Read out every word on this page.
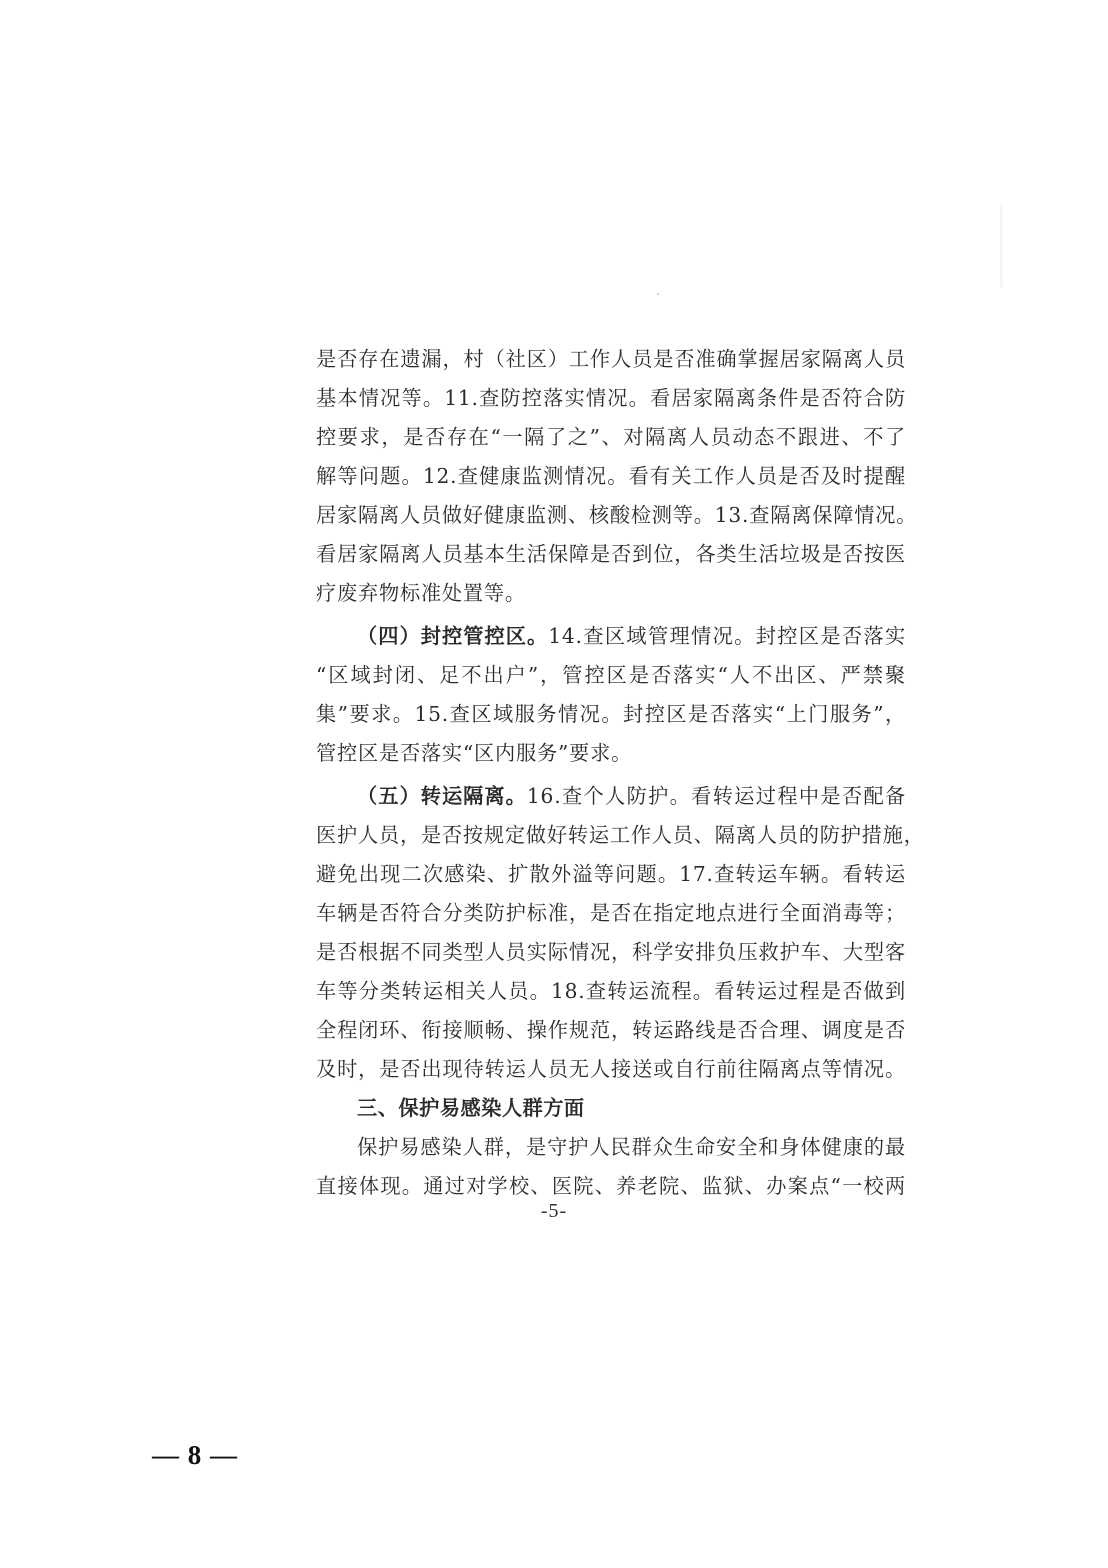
是否存在遗漏，村（社区）工作人员是否准确掌握居家隔离人员
基本情况等。11.查防控落实情况。看居家隔离条件是否符合防
控要求，是否存在“一隔了之”、对隔离人员动态不跟进、不了
解等问题。12.查健康监测情况。看有关工作人员是否及时提醒
居家隔离人员做好健康监测、核酸检测等。13.查隔离保障情况。
看居家隔离人员基本生活保障是否到位，各类生活垃圾是否按医
疗废弃物标准处置等。
（四）封控管控区。14.查区域管理情况。封控区是否落实
“区域封闭、足不出户”，管控区是否落实“人不出区、严禁聚
集”要求。15.查区域服务情况。封控区是否落实“上门服务”，
管控区是否落实“区内服务”要求。
（五）转运隔离。16.查个人防护。看转运过程中是否配备
医护人员，是否按规定做好转运工作人员、隔离人员的防护措施，
避免出现二次感染、扩散外溢等问题。17.查转运车辆。看转运
车辆是否符合分类防护标准，是否在指定地点进行全面消毒等；
是否根据不同类型人员实际情况，科学安排负压救护车、大型客
车等分类转运相关人员。18.查转运流程。看转运过程是否做到
全程闭环、衔接顺畅、操作规范，转运路线是否合理、调度是否
及时，是否出现待转运人员无人接送或自行前往隔离点等情况。
三、保护易感染人群方面
保护易感染人群，是守护人民群众生命安全和身体健康的最
直接体现。通过对学校、医院、养老院、监狱、办案点“一校两
-5-
— 8 —
